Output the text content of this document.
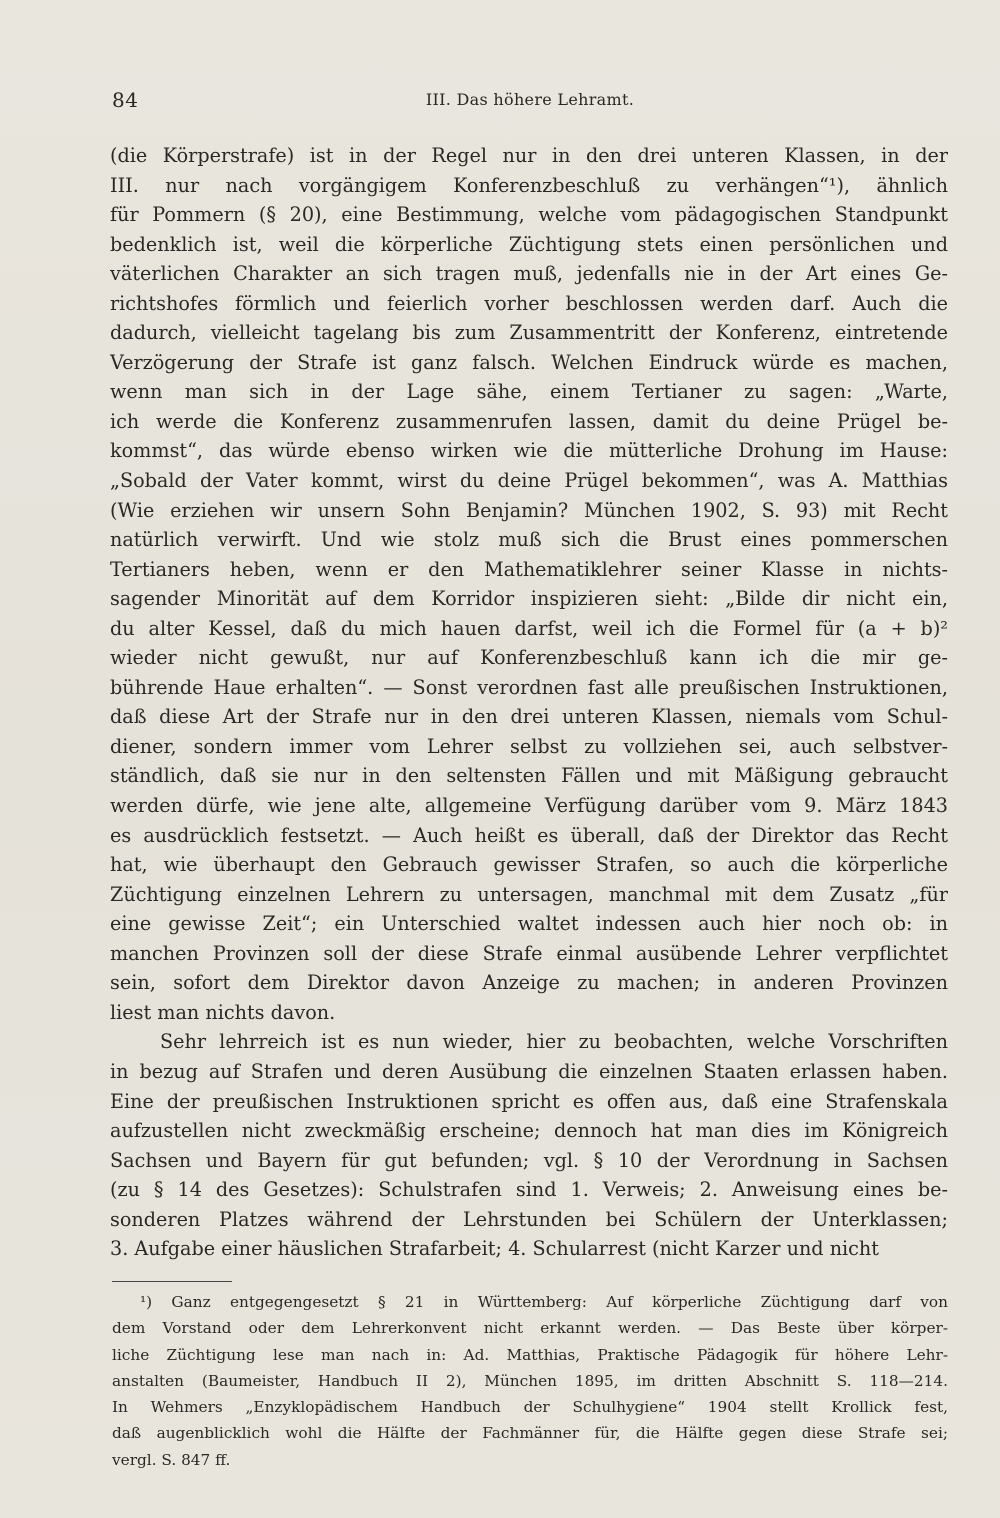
84	III. Das höhere Lehramt.
(die Körperstrafe) ist in der Regel nur in den drei unteren Klassen, in der
III. nur nach vorgängigem Konferenzbeschluß zu verhängen“¹), ähnlich
für Pommern (§ 20), eine Bestimmung, welche vom pädagogischen Standpunkt
bedenklich ist, weil die körperliche Züchtigung stets einen persönlichen und
väterlichen Charakter an sich tragen muß, jedenfalls nie in der Art eines Ge-
richtshofes förmlich und feierlich vorher beschlossen werden darf. Auch die
dadurch, vielleicht tagelang bis zum Zusammentritt der Konferenz, eintretende
Verzögerung der Strafe ist ganz falsch. Welchen Eindruck würde es machen,
wenn man sich in der Lage sähe, einem Tertianer zu sagen: „Warte,
ich werde die Konferenz zusammenrufen lassen, damit du deine Prügel be-
kommst“, das würde ebenso wirken wie die mütterliche Drohung im Hause:
„Sobald der Vater kommt, wirst du deine Prügel bekommen“, was A. Matthias
(Wie erziehen wir unsern Sohn Benjamin? München 1902, S. 93) mit Recht
natürlich verwirft. Und wie stolz muß sich die Brust eines pommerschen
Tertianers heben, wenn er den Mathematiklehrer seiner Klasse in nichts-
sagender Minorität auf dem Korridor inspizieren sieht: „Bilde dir nicht ein,
du alter Kessel, daß du mich hauen darfst, weil ich die Formel für (a + b)²
wieder nicht gewußt, nur auf Konferenzbeschluß kann ich die mir ge-
bührende Haue erhalten“. — Sonst verordnen fast alle preußischen Instruktionen,
daß diese Art der Strafe nur in den drei unteren Klassen, niemals vom Schul-
diener, sondern immer vom Lehrer selbst zu vollziehen sei, auch selbstver-
ständlich, daß sie nur in den seltensten Fällen und mit Mäßigung gebraucht
werden dürfe, wie jene alte, allgemeine Verfügung darüber vom 9. März 1843
es ausdrücklich festsetzt. — Auch heißt es überall, daß der Direktor das Recht
hat, wie überhaupt den Gebrauch gewisser Strafen, so auch die körperliche
Züchtigung einzelnen Lehrern zu untersagen, manchmal mit dem Zusatz „für
eine gewisse Zeit“; ein Unterschied waltet indessen auch hier noch ob: in
manchen Provinzen soll der diese Strafe einmal ausübende Lehrer verpflichtet
sein, sofort dem Direktor davon Anzeige zu machen; in anderen Provinzen
liest man nichts davon.
Sehr lehrreich ist es nun wieder, hier zu beobachten, welche Vorschriften
in bezug auf Strafen und deren Ausübung die einzelnen Staaten erlassen haben.
Eine der preußischen Instruktionen spricht es offen aus, daß eine Strafenskala
aufzustellen nicht zweckmäßig erscheine; dennoch hat man dies im Königreich
Sachsen und Bayern für gut befunden; vgl. § 10 der Verordnung in Sachsen
(zu § 14 des Gesetzes): Schulstrafen sind 1. Verweis; 2. Anweisung eines be-
sonderen Platzes während der Lehrstunden bei Schülern der Unterklassen;
3. Aufgabe einer häuslichen Strafarbeit; 4. Schularrest (nicht Karzer und nicht
¹) Ganz entgegengesetzt § 21 in Württemberg: Auf körperliche Züchtigung darf von
dem Vorstand oder dem Lehrerkonvent nicht erkannt werden. — Das Beste über körper-
liche Züchtigung lese man nach in: Ad. Matthias, Praktische Pädagogik für höhere Lehr-
anstalten (Baumeister, Handbuch II 2), München 1895, im dritten Abschnitt S. 118—214.
In Wehmers „Enzyklopädischem Handbuch der Schulhygiene“ 1904 stellt Krollick fest,
daß augenblicklich wohl die Hälfte der Fachmänner für, die Hälfte gegen diese Strafe sei;
vergl. S. 847 ff.
